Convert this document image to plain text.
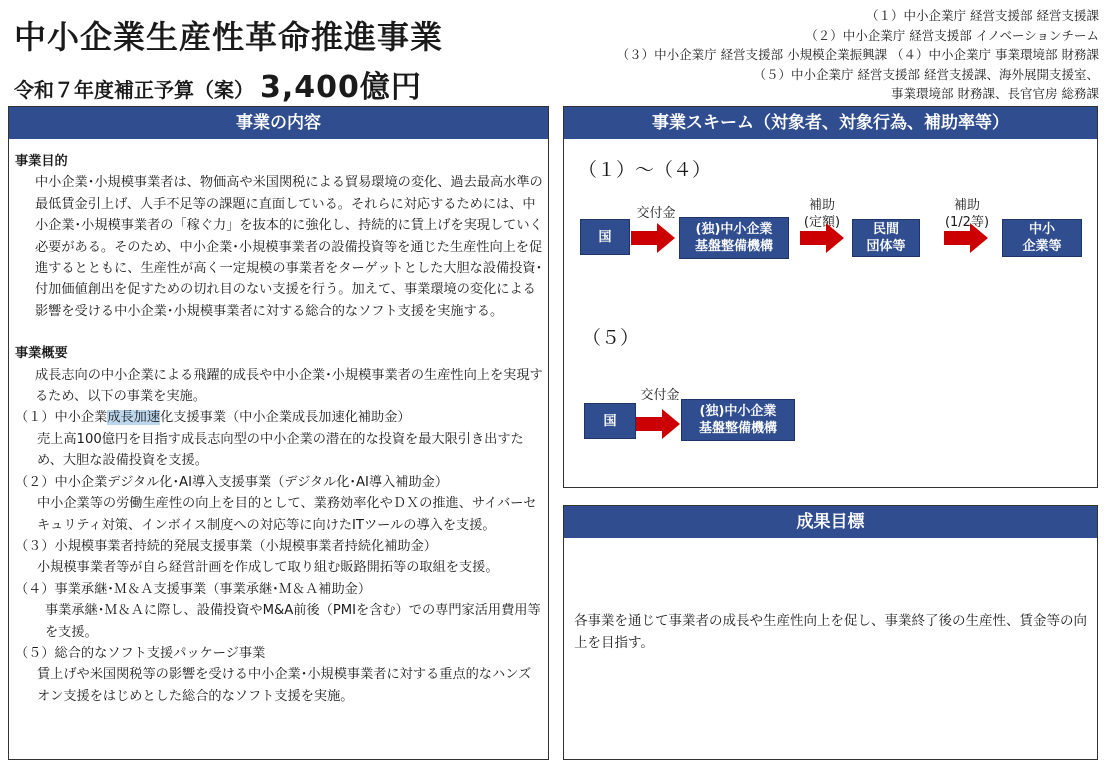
中小企業生産性革命推進事業
令和７年度補正予算（案） 3,400億円
（１）中小企業庁 経営支援部 経営支援課
（２）中小企業庁 経営支援部 イノベーションチーム
（３）中小企業庁 経営支援部 小規模企業振興課 （４）中小企業庁 事業環境部 財務課
（５）中小企業庁 経営支援部 経営支援課、海外展開支援室、
事業環境部 財務課、長官官房 総務課
事業の内容
事業目的
中小企業･小規模事業者は、物価高や米国関税による貿易環境の変化、過去最高水準の最低賃金引上げ、人手不足等の課題に直面している。それらに対応するためには、中小企業･小規模事業者の「稼ぐ力」を抜本的に強化し、持続的に賃上げを実現していく必要がある。そのため、中小企業･小規模事業者の設備投資等を通じた生産性向上を促進するとともに、生産性が高く一定規模の事業者をターゲットとした大胆な設備投資･付加価値創出を促すための切れ目のない支援を行う。加えて、事業環境の変化による影響を受ける中小企業･小規模事業者に対する総合的なソフト支援を実施する。
事業概要
成長志向の中小企業による飛躍的成長や中小企業･小規模事業者の生産性向上を実現するため、以下の事業を実施。
（１）中小企業成長加速化支援事業（中小企業成長加速化補助金）
売上高100億円を目指す成長志向型の中小企業の潜在的な投資を最大限引き出すため、大胆な設備投資を支援。
（２）中小企業デジタル化･AI導入支援事業（デジタル化･AI導入補助金）
中小企業等の労働生産性の向上を目的として、業務効率化やＤＸの推進、サイバーセキュリティ対策、インボイス制度への対応等に向けたITツールの導入を支援。
（３）小規模事業者持続的発展支援事業（小規模事業者持続化補助金）
小規模事業者等が自ら経営計画を作成して取り組む販路開拓等の取組を支援。
（４）事業承継･Ｍ＆Ａ支援事業（事業承継･Ｍ＆Ａ補助金）
事業承継･Ｍ＆Ａに際し、設備投資やM&A前後（PMIを含む）での専門家活用費用等を支援。
（５）総合的なソフト支援パッケージ事業
賃上げや米国関税等の影響を受ける中小企業･小規模事業者に対する重点的なハンズオン支援をはじめとした総合的なソフト支援を実施。
事業スキーム（対象者、対象行為、補助率等）
（１）～（４）
国
交付金
(独)中小企業
基盤整備機構
補助
(定額)	民間
団体等
補助
(1/2等)	中小
企業等
（５）
国
交付金
(独)中小企業
基盤整備機構
成果目標
各事業を通じて事業者の成長や生産性向上を促し、事業終了後の生産性、賃金等の向上を目指す。
